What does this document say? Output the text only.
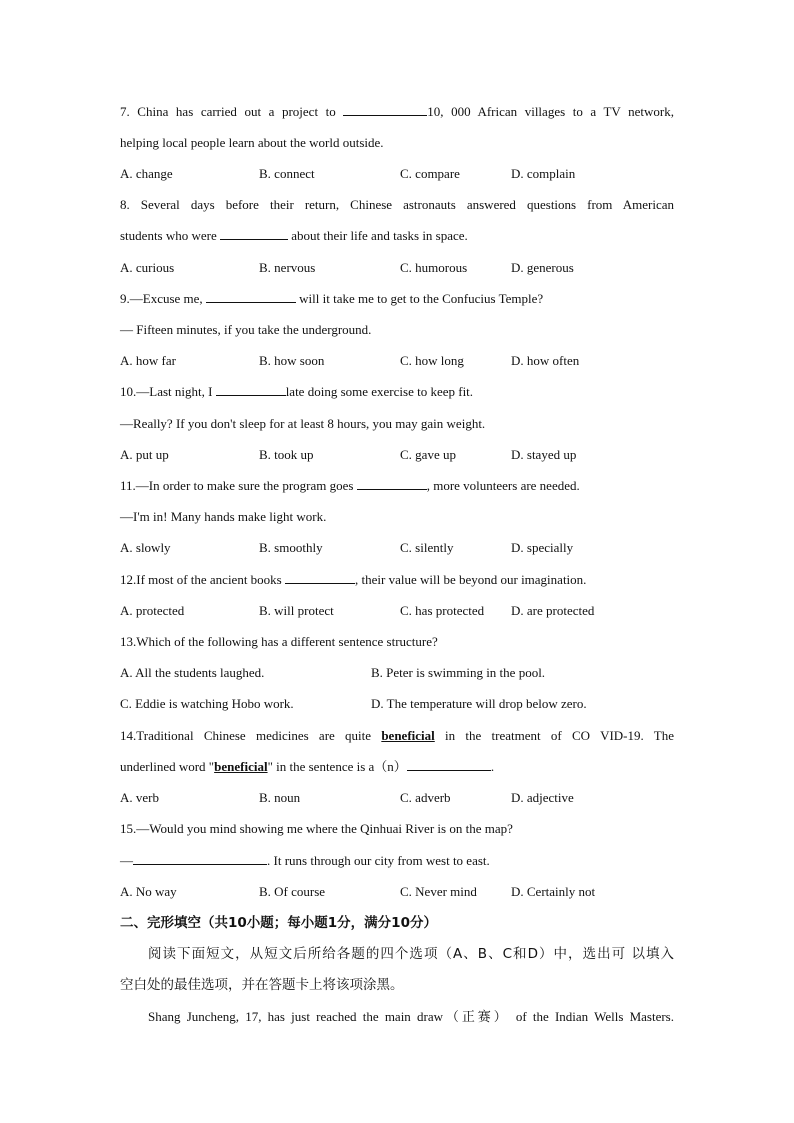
7. China has carried out a project to	10, 000 African villages to a TV network,
helping local people learn about the world outside.
A. change	B. connect	C. compare	D. complain
8. Several days before their return, Chinese astronauts answered questions from American
students who were	about their life and tasks in space.
A. curious	B. nervous	C. humorous	D. generous
9.—Excuse me,	will it take me to get to the Confucius Temple?
— Fifteen minutes, if you take the underground.
A. how far	B. how soon	C. how long	D. how often
10.—Last night, I	late doing some exercise to keep fit.
—Really? If you don't sleep for at least 8 hours, you may gain weight.
A. put up	B. took up	C. gave up	D. stayed up
11.—In order to make sure the program goes	, more volunteers are needed.
—I'm in! Many hands make light work.
A. slowly	B. smoothly	C. silently	D. specially
12.If most of the ancient books	, their value will be beyond our imagination.
A. protected	B. will protect	C. has protected D. are protected
13.Which of the following has a different sentence structure?
A. All the students laughed.	B. Peter is swimming in the pool.
C. Eddie is watching Hobo work.	D. The temperature will drop below zero.
14.Traditional Chinese medicines are quite beneficial in the treatment of CO VID-19. The
underlined word "beneficial" in the sentence is a（n）	.
A. verb	B. noun	C. adverb	D. adjective
15.—Would you mind showing me where the Qinhuai River is on the map?
—	. It runs through our city from west to east.
A. No way	B. Of course	C. Never mind	D. Certainly not
二、完形填空（共10小题；每小题1分，满分10分）
阅读下面短文，从短文后所给各题的四个选项（A、B、C和D）中，选出可 以填入
空白处的最佳选项，并在答题卡上将该项涂黑。
Shang Juncheng, 17, has just reached the main draw（正赛） of the Indian Wells Masters.
